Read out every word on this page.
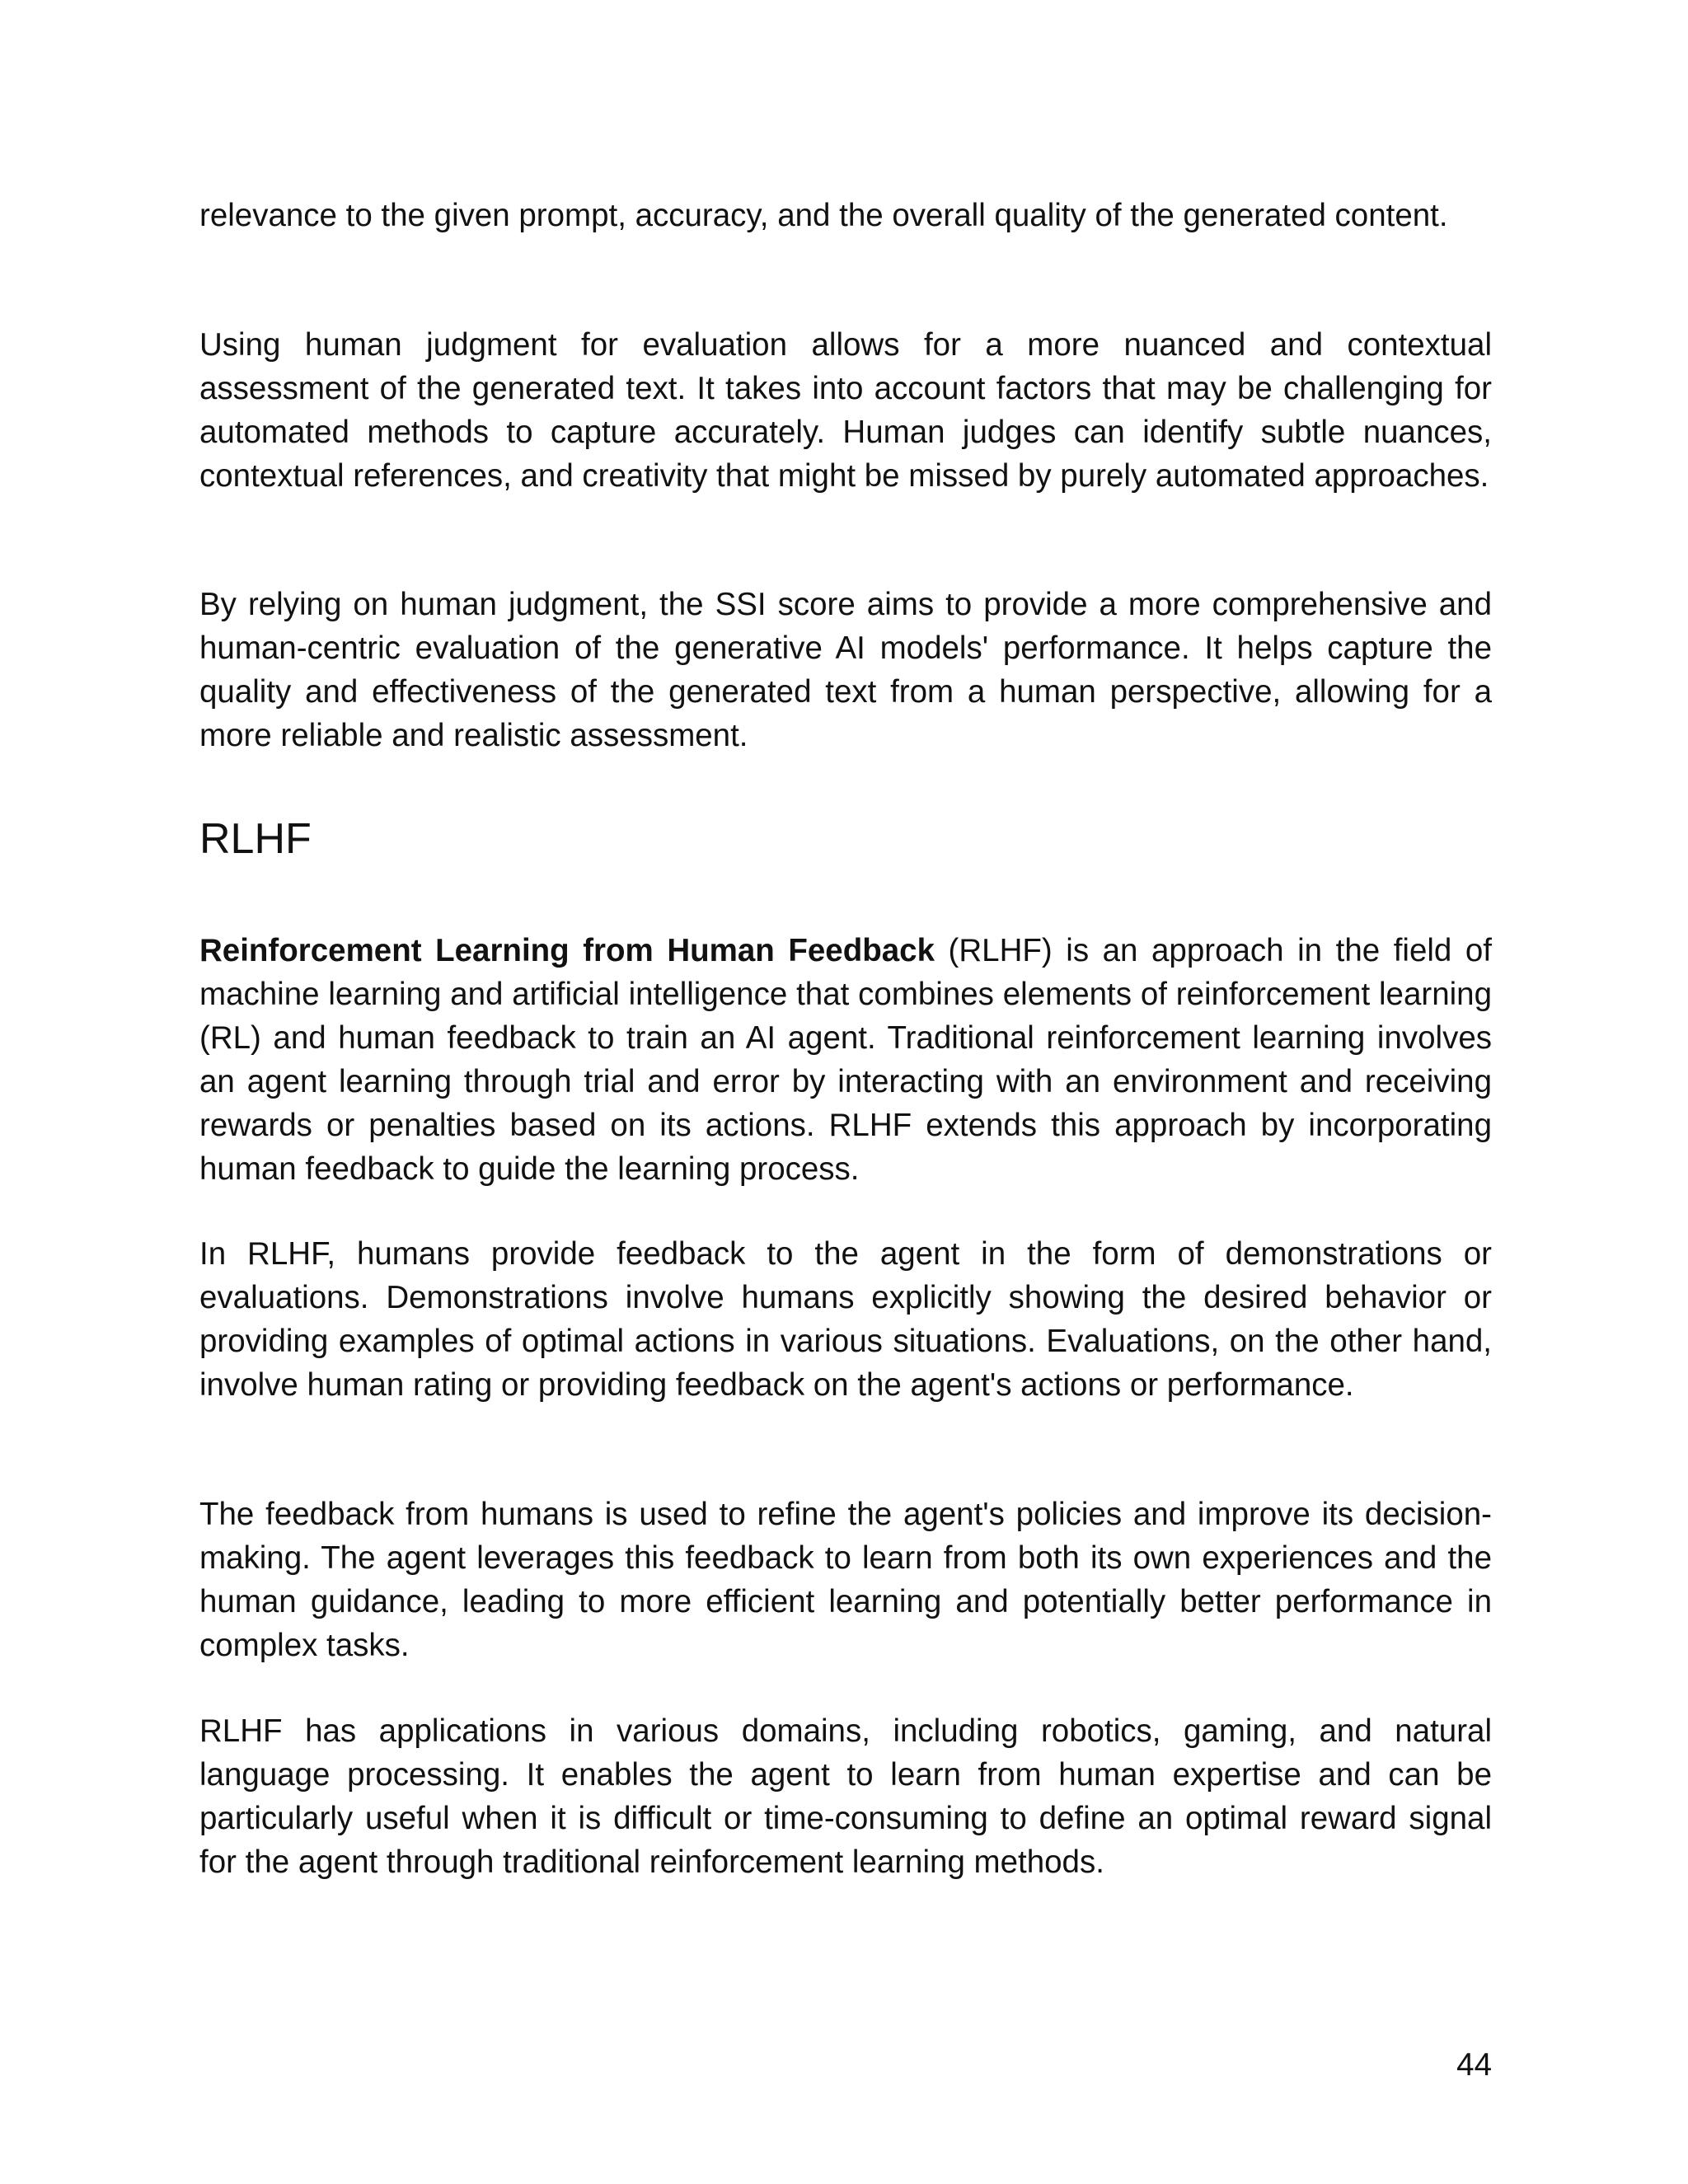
relevance to the given prompt, accuracy, and the overall quality of the generated content.

Using human judgment for evaluation allows for a more nuanced and contextual assessment of the generated text. It takes into account factors that may be challenging for automated methods to capture accurately. Human judges can identify subtle nuances, contextual references, and creativity that might be missed by purely automated approaches.

By relying on human judgment, the SSI score aims to provide a more comprehensive and human-centric evaluation of the generative AI models' performance. It helps capture the quality and effectiveness of the generated text from a human perspective, allowing for a more reliable and realistic assessment.

RLHF

Reinforcement Learning from Human Feedback (RLHF) is an approach in the field of machine learning and artificial intelligence that combines elements of reinforcement learning (RL) and human feedback to train an AI agent. Traditional reinforcement learning involves an agent learning through trial and error by interacting with an environment and receiving rewards or penalties based on its actions. RLHF extends this approach by incorporating human feedback to guide the learning process.

In RLHF, humans provide feedback to the agent in the form of demonstrations or evaluations. Demonstrations involve humans explicitly showing the desired behavior or providing examples of optimal actions in various situations. Evaluations, on the other hand, involve human rating or providing feedback on the agent's actions or performance.

The feedback from humans is used to refine the agent's policies and improve its decision-making. The agent leverages this feedback to learn from both its own experiences and the human guidance, leading to more efficient learning and potentially better performance in complex tasks.

RLHF has applications in various domains, including robotics, gaming, and natural language processing. It enables the agent to learn from human expertise and can be particularly useful when it is difficult or time-consuming to define an optimal reward signal for the agent through traditional reinforcement learning methods.

44
